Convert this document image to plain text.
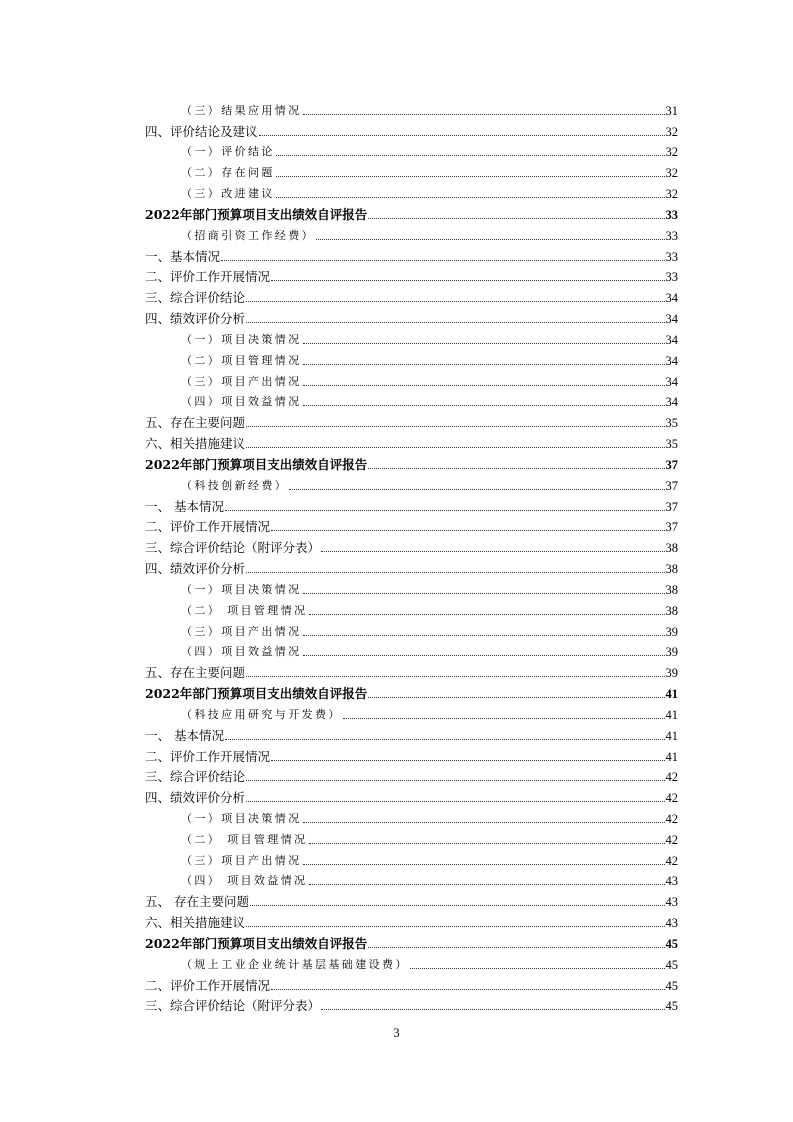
（三）结果应用情况	31
四、评价结论及建议	32
（一）评价结论	32
（二）存在问题	32
（三）改进建议	32
2022年部门预算项目支出绩效自评报告	33
（招商引资工作经费）	33
一、基本情况	33
二、评价工作开展情况	33
三、综合评价结论	34
四、绩效评价分析	34
（一）项目决策情况	34
（二）项目管理情况	34
（三）项目产出情况	34
（四）项目效益情况	34
五、存在主要问题	35
六、相关措施建议	35
2022年部门预算项目支出绩效自评报告	37
（科技创新经费）	37
一、 基本情况	37
二、评价工作开展情况	37
三、综合评价结论（附评分表）	38
四、绩效评价分析	38
（一）项目决策情况	38
（二） 项目管理情况	38
（三）项目产出情况	39
（四）项目效益情况	39
五、存在主要问题	39
2022年部门预算项目支出绩效自评报告	41
（科技应用研究与开发费）	41
一、 基本情况	41
二、评价工作开展情况	41
三、综合评价结论	42
四、绩效评价分析	42
（一）项目决策情况	42
（二） 项目管理情况	42
（三）项目产出情况	42
（四） 项目效益情况	43
五、 存在主要问题	43
六、相关措施建议	43
2022年部门预算项目支出绩效自评报告	45
（规上工业企业统计基层基础建设费）	45
二、评价工作开展情况	45
三、综合评价结论（附评分表）	45
3
